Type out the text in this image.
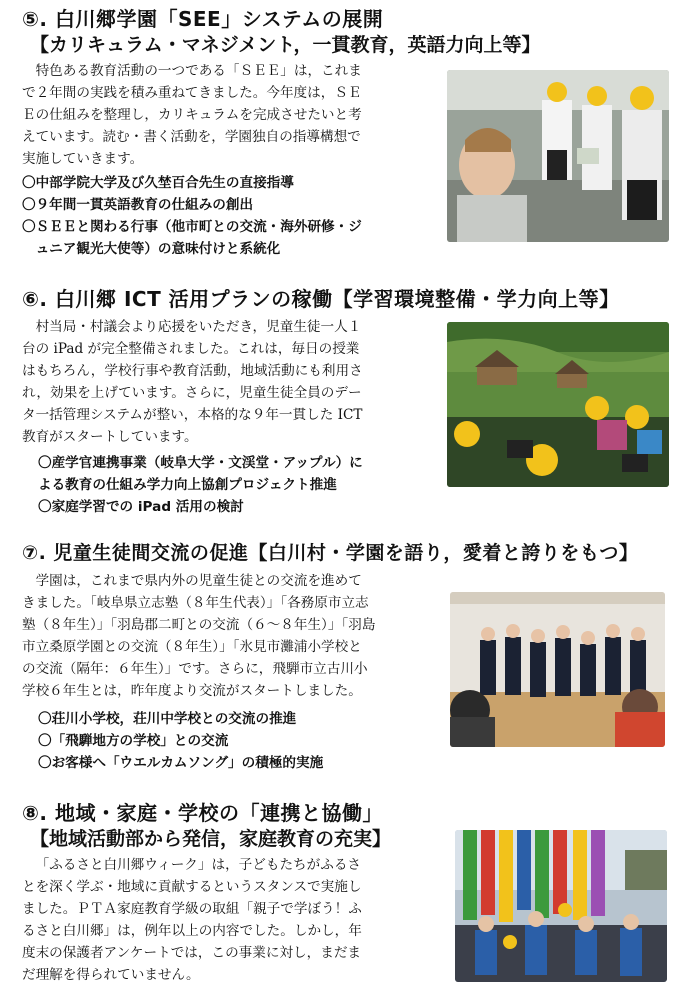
⑤. 白川郷学園「SEE」システムの展開
【カリキュラム・マネジメント，一貫教育，英語力向上等】

特色ある教育活動の一つである「ＳＥＥ」は，これま

で２年間の実践を積み重ねてきました。今年度は，ＳＥ

Ｅの仕組みを整理し，カリキュラムを完成させたいと考

えています。読む・書く活動を，学園独自の指導構想で

実施していきます。

〇中部学院大学及び久埜百合先生の直接指導
〇９年間一貫英語教育の仕組みの創出
〇ＳＥＥと関わる行事（他市町との交流・海外研修・ジ
　ュニア観光大使等）の意味付けと系統化
⑥. 白川郷 ICT 活用プランの稼働【学習環境整備・学力向上等】

村当局・村議会より応援をいただき，児童生徒一人１

台の iPad が完全整備されました。これは，毎日の授業

はもちろん，学校行事や教育活動，地域活動にも利用さ

れ，効果を上げています。さらに，児童生徒全員のデー

タ一括管理システムが整い，本格的な９年一貫した ICT

教育がスタートしています。

〇産学官連携事業（岐阜大学・文渓堂・アップル）に
よる教育の仕組み学力向上協創プロジェクト推進
〇家庭学習での iPad 活用の検討
⑦. 児童生徒間交流の促進【白川村・学園を語り，愛着と誇りをもつ】

学園は，これまで県内外の児童生徒との交流を進めて

きました。「岐阜県立志塾（８年生代表）」「各務原市立志

塾（８年生）」「羽島郡二町との交流（６～８年生）」「羽島

市立桑原学園との交流（８年生）」「氷見市灘浦小学校と

の交流（隔年：６年生）」です。さらに，飛騨市立古川小

学校６年生とは，昨年度より交流がスタートしました。

〇荘川小学校，荘川中学校との交流の推進
〇「飛騨地方の学校」との交流
〇お客様へ「ウエルカムソング」の積極的実施
⑧. 地域・家庭・学校の「連携と協働」
【地域活動部から発信，家庭教育の充実】

「ふるさと白川郷ウィーク」は，子どもたちがふるさ

とを深く学ぶ・地域に貢献するというスタンスで実施し

ました。ＰＴＡ家庭教育学級の取組「親子で学ぼう！ふ

るさと白川郷」は，例年以上の内容でした。しかし，年

度末の保護者アンケートでは，この事業に対し，まだま

だ理解を得られていません。
